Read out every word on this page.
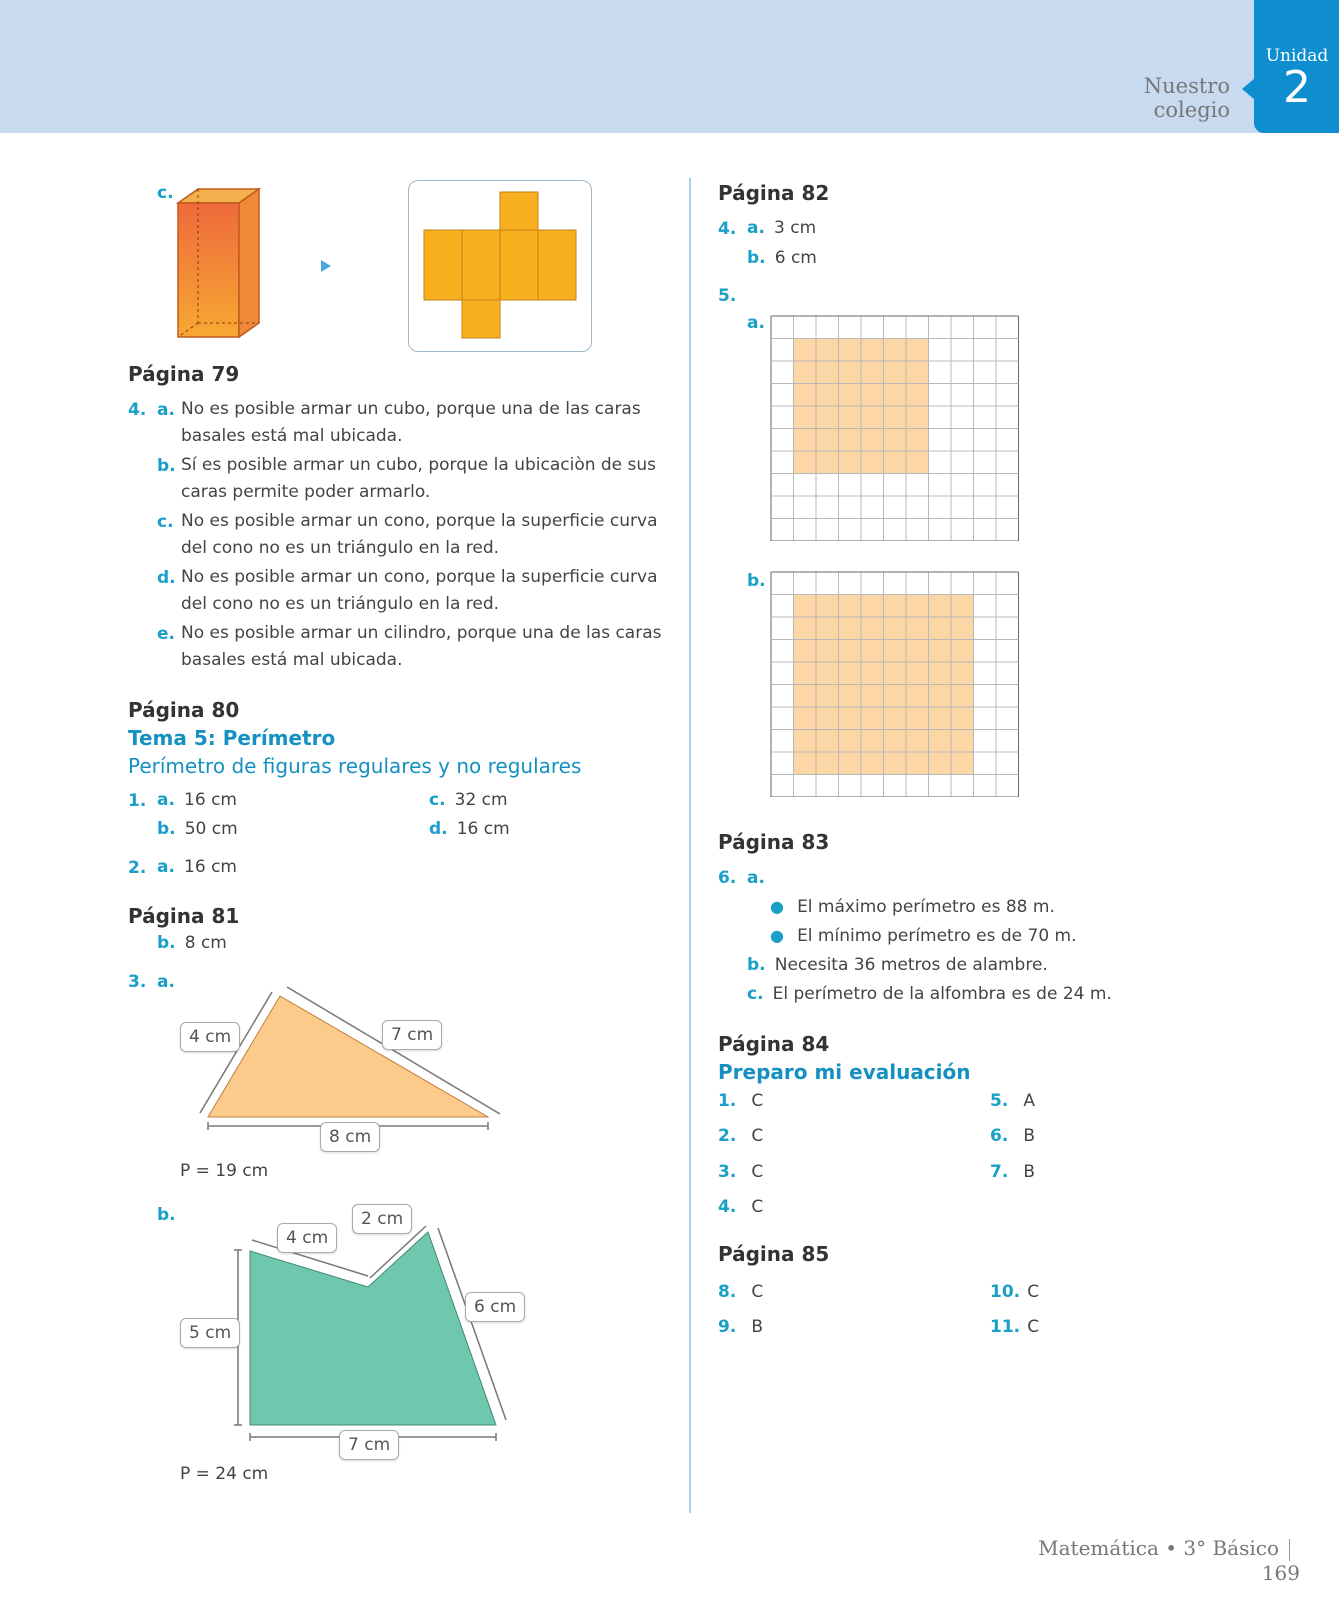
Nuestro colegio
Unidad
2
c.
Página 79
4. a. No es posible armar un cubo, porque una de las caras
basales está mal ubicada.
b. Sí es posible armar un cubo, porque la ubicaciòn de sus
caras permite poder armarlo.
c. No es posible armar un cono, porque la superficie curva
del cono no es un triángulo en la red.
d. No es posible armar un cono, porque la superficie curva
del cono no es un triángulo en la red.
e. No es posible armar un cilindro, porque una de las caras
basales está mal ubicada.
Página 80
Tema 5: Perímetro
Perímetro de figuras regulares y no regulares
1. a. 16 cm
b. 50 cm
c. 32 cm
d. 16 cm
2. a. 16 cm
Página 81
b. 8 cm
3. a.
4 cm	7 cm
8 cm
P = 19 cm
b.
4 cm
2 cm
6 cm
5 cm
7 cm
P = 24 cm
Página 82
4. a. 3 cm
b. 6 cm
5.
a.
b.
Página 83
6. a.
● El máximo perímetro es 88 m.
● El mínimo perímetro es de 70 m.
b. Necesita 36 metros de alambre.
c. El perímetro de la alfombra es de 24 m.
Página 84
Preparo mi evaluación
1. C
2. C
3. C
4. C
5. A
6. B
7. B
Página 85
8. C
9. B
10. C
11. C
Matemática • 3° Básico169
